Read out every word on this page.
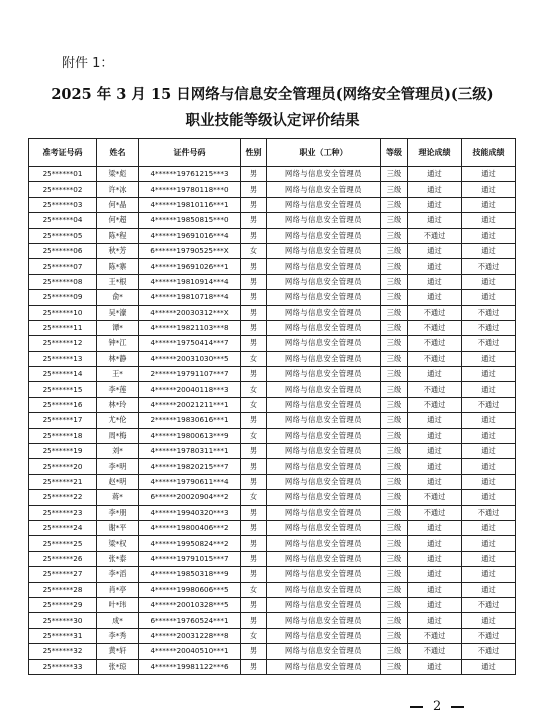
附件 1：
2025 年 3 月 15 日网络与信息安全管理员(网络安全管理员)(三级)职业技能等级认定评价结果
准考证号码	姓名	证件号码	性别	职业（工种）	等级	理论成绩	技能成绩
25******01	梁*彪	4******19761215***3	男	网络与信息安全管理员	三级	通过	通过
25******02	许*冰	4******19780118***0	男	网络与信息安全管理员	三级	通过	通过
25******03	何*晶	4******19810116***1	男	网络与信息安全管理员	三级	通过	通过
25******04	何*超	4******19850815***0	男	网络与信息安全管理员	三级	通过	通过
25******05	陈*程	4******19691016***4	男	网络与信息安全管理员	三级	不通过	通过
25******06	秋*芳	6******19790525***X	女	网络与信息安全管理员	三级	通过	通过
25******07	陈*寨	4******19691026***1	男	网络与信息安全管理员	三级	通过	不通过
25******08	王*根	4******19810914***4	男	网络与信息安全管理员	三级	通过	通过
25******09	俞*	4******19810718***4	男	网络与信息安全管理员	三级	通过	通过
25******10	吴*濠	4******20030312***X	男	网络与信息安全管理员	三级	不通过	不通过
25******11	谭*	4******19821103***8	男	网络与信息安全管理员	三级	不通过	不通过
25******12	钟*江	4******19750414***7	男	网络与信息安全管理员	三级	不通过	不通过
25******13	林*静	4******20031030***5	女	网络与信息安全管理员	三级	不通过	通过
25******14	王*	2******19791107***7	男	网络与信息安全管理员	三级	通过	通过
25******15	李*莲	4******20040118***3	女	网络与信息安全管理员	三级	不通过	通过
25******16	林*玲	4******20021211***1	女	网络与信息安全管理员	三级	不通过	不通过
25******17	尤*伦	2******19830616***1	男	网络与信息安全管理员	三级	通过	通过
25******18	周*梅	4******19800613***9	女	网络与信息安全管理员	三级	通过	通过
25******19	刘*	4******19780311***1	男	网络与信息安全管理员	三级	通过	通过
25******20	李*明	4******19820215***7	男	网络与信息安全管理员	三级	通过	通过
25******21	赵*明	4******19790611***4	男	网络与信息安全管理员	三级	通过	通过
25******22	蒋*	6******20020904***2	女	网络与信息安全管理员	三级	不通过	通过
25******23	李*朋	4******19940320***3	男	网络与信息安全管理员	三级	不通过	不通过
25******24	谢*平	4******19800406***2	男	网络与信息安全管理员	三级	通过	通过
25******25	梁*权	4******19950824***2	男	网络与信息安全管理员	三级	通过	通过
25******26	张*泰	4******19791015***7	男	网络与信息安全管理员	三级	通过	通过
25******27	李*滔	4******19850318***9	男	网络与信息安全管理员	三级	通过	通过
25******28	肖*亭	4******19980606***5	女	网络与信息安全管理员	三级	通过	通过
25******29	叶*玮	4******20010328***5	男	网络与信息安全管理员	三级	通过	不通过
25******30	成*	6******19760524***1	男	网络与信息安全管理员	三级	通过	通过
25******31	李*秀	4******20031228***8	女	网络与信息安全管理员	三级	不通过	不通过
25******32	黄*轩	4******20040510***1	男	网络与信息安全管理员	三级	不通过	不通过
25******33	张*琼	4******19981122***6	男	网络与信息安全管理员	三级	通过	通过
2
